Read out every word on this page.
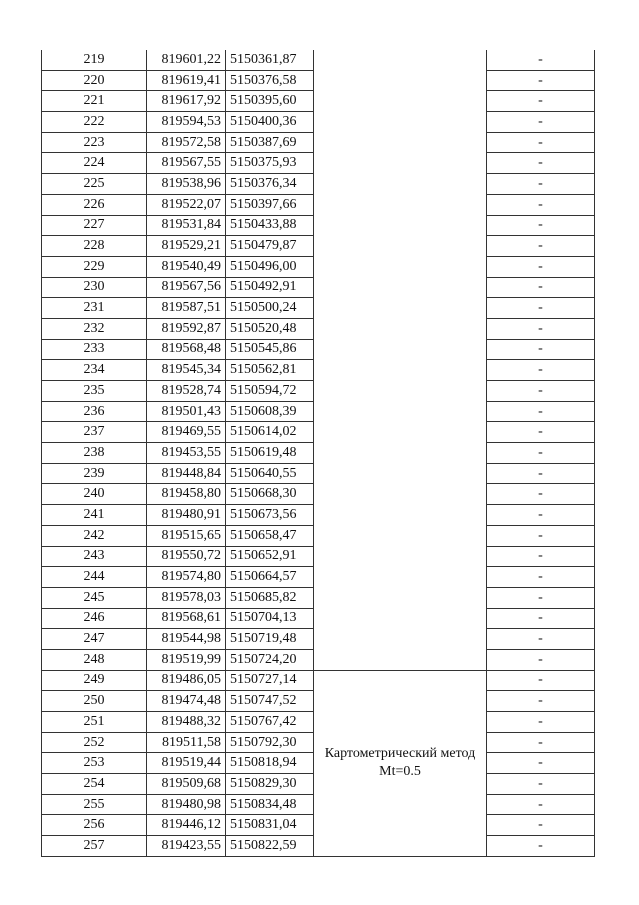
219	819601,22	5150361,87		-
220	819619,41	5150376,58		-
221	819617,92	5150395,60		-
222	819594,53	5150400,36		-
223	819572,58	5150387,69		-
224	819567,55	5150375,93		-
225	819538,96	5150376,34		-
226	819522,07	5150397,66		-
227	819531,84	5150433,88		-
228	819529,21	5150479,87		-
229	819540,49	5150496,00		-
230	819567,56	5150492,91		-
231	819587,51	5150500,24		-
232	819592,87	5150520,48		-
233	819568,48	5150545,86		-
234	819545,34	5150562,81		-
235	819528,74	5150594,72		-
236	819501,43	5150608,39		-
237	819469,55	5150614,02		-
238	819453,55	5150619,48		-
239	819448,84	5150640,55		-
240	819458,80	5150668,30		-
241	819480,91	5150673,56		-
242	819515,65	5150658,47		-
243	819550,72	5150652,91		-
244	819574,80	5150664,57		-
245	819578,03	5150685,82		-
246	819568,61	5150704,13		-
247	819544,98	5150719,48		-
248	819519,99	5150724,20		-
249	819486,05	5150727,14	Картометрический метод Mt=0.5	-
250	819474,48	5150747,52		-
251	819488,32	5150767,42		-
252	819511,58	5150792,30		-
253	819519,44	5150818,94		-
254	819509,68	5150829,30		-
255	819480,98	5150834,48		-
256	819446,12	5150831,04		-
257	819423,55	5150822,59		-
